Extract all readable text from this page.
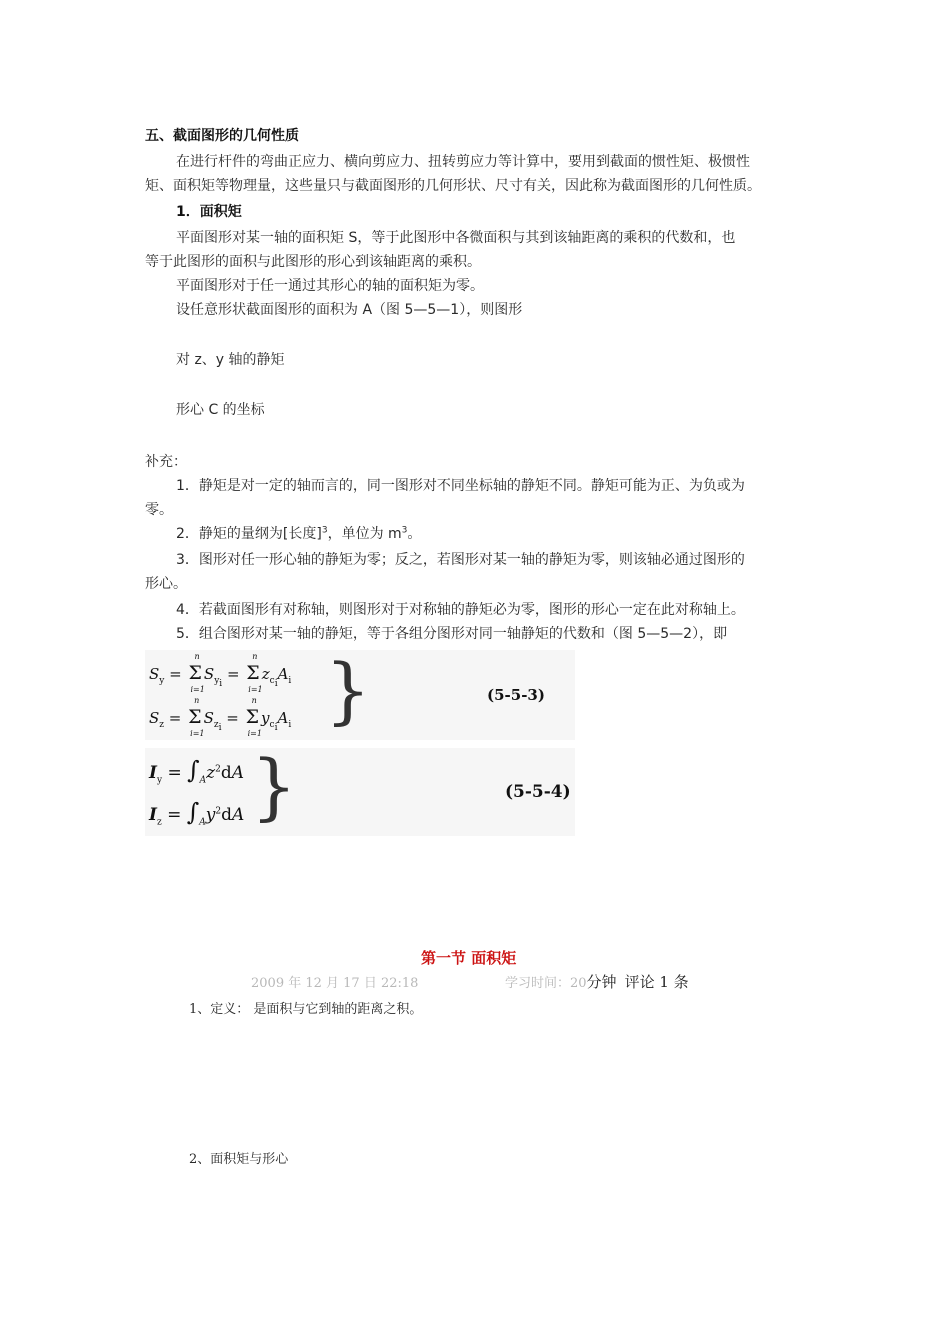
五、截面图形的几何性质
在进行杆件的弯曲正应力、横向剪应力、扭转剪应力等计算中，要用到截面的惯性矩、极惯性
矩、面积矩等物理量，这些量只与截面图形的几何形状、尺寸有关，因此称为截面图形的几何性质。
1．面积矩
平面图形对某一轴的面积矩 S，等于此图形中各微面积与其到该轴距离的乘积的代数和，也
等于此图形的面积与此图形的形心到该轴距离的乘积。
平面图形对于任一通过其形心的轴的面积矩为零。
设任意形状截面图形的面积为 A（图 5—5—1），则图形
对 z、y 轴的静矩
形心 C 的坐标
补充：
1．静矩是对一定的轴而言的，同一图形对不同坐标轴的静矩不同。静矩可能为正、为负或为
零。
2．静矩的量纲为[长度]$^3$，单位为 $m^3$。
3．图形对任一形心轴的静矩为零；反之，若图形对某一轴的静矩为零，则该轴必通过图形的
形心。
4．若截面图形有对称轴，则图形对于对称轴的静矩必为零，图形的形心一定在此对称轴上。
5．组合图形对某一轴的静矩，等于各组分图形对同一轴静矩的代数和（图 5—5—2），即
$S_y = \Sigma$
n
i=1
$S_{y_i} = \Sigma$
n
i=1
$z_{c_i}A_i$
$S_z = \Sigma$
n
i=1
$S_{z_i} = \Sigma$
n
i=1
$y_{c_i}A_i$ }	(5-5-3)
$I_y = \int_Az^2dA$
$I_z = \int_Ay^2dA$ }	(5-5-4)
第一节 面积矩
2009 年 12 月 17 日 22:18	学习时间：20分钟 评论 1 条
1、定义： 是面积与它到轴的距离之积。
2、面积矩与形心
